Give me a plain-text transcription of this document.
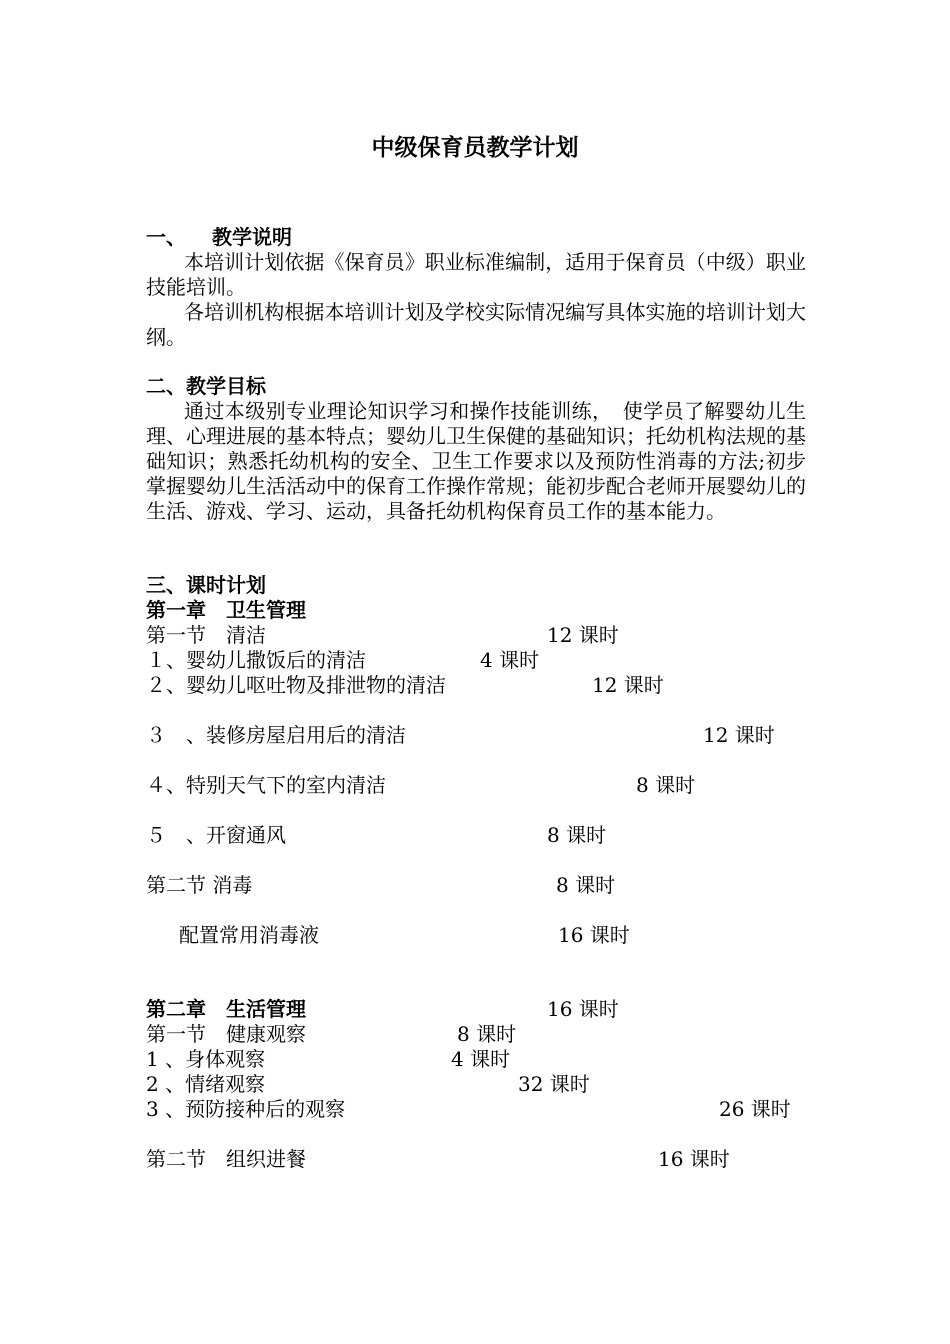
中级保育员教学计划
一、 教学说明
本培训计划依据《保育员》职业标准编制，适用于保育员（中级）职业技能培训。
各培训机构根据本培训计划及学校实际情况编写具体实施的培训计划大纲。
二、教学目标
通过本级别专业理论知识学习和操作技能训练，　使学员了解婴幼儿生理、心理进展的基本特点；婴幼儿卫生保健的基础知识；托幼机构法规的基础知识；熟悉托幼机构的安全、卫生工作要求以及预防性消毒的方法;初步掌握婴幼儿生活活动中的保育工作操作常规；能初步配合老师开展婴幼儿的生活、游戏、学习、运动，具备托幼机构保育员工作的基本能力。
三、课时计划
第一章　卫生管理
第一节　清洁	12 课时
１、婴幼儿撒饭后的清洁	4 课时
２、婴幼儿呕吐物及排泄物的清洁	12 课时
３　、装修房屋启用后的清洁	12 课时
４、特别天气下的室内清洁	8 课时
５　、开窗通风	8 课时
第二节 消毒	8 课时
配置常用消毒液	16 课时
第二章　生活管理	16 课时
第一节　健康观察	8 课时
1 、身体观察	4 课时
2 、情绪观察	32 课时
3 、预防接种后的观察	26 课时
第二节　组织进餐	16 课时
